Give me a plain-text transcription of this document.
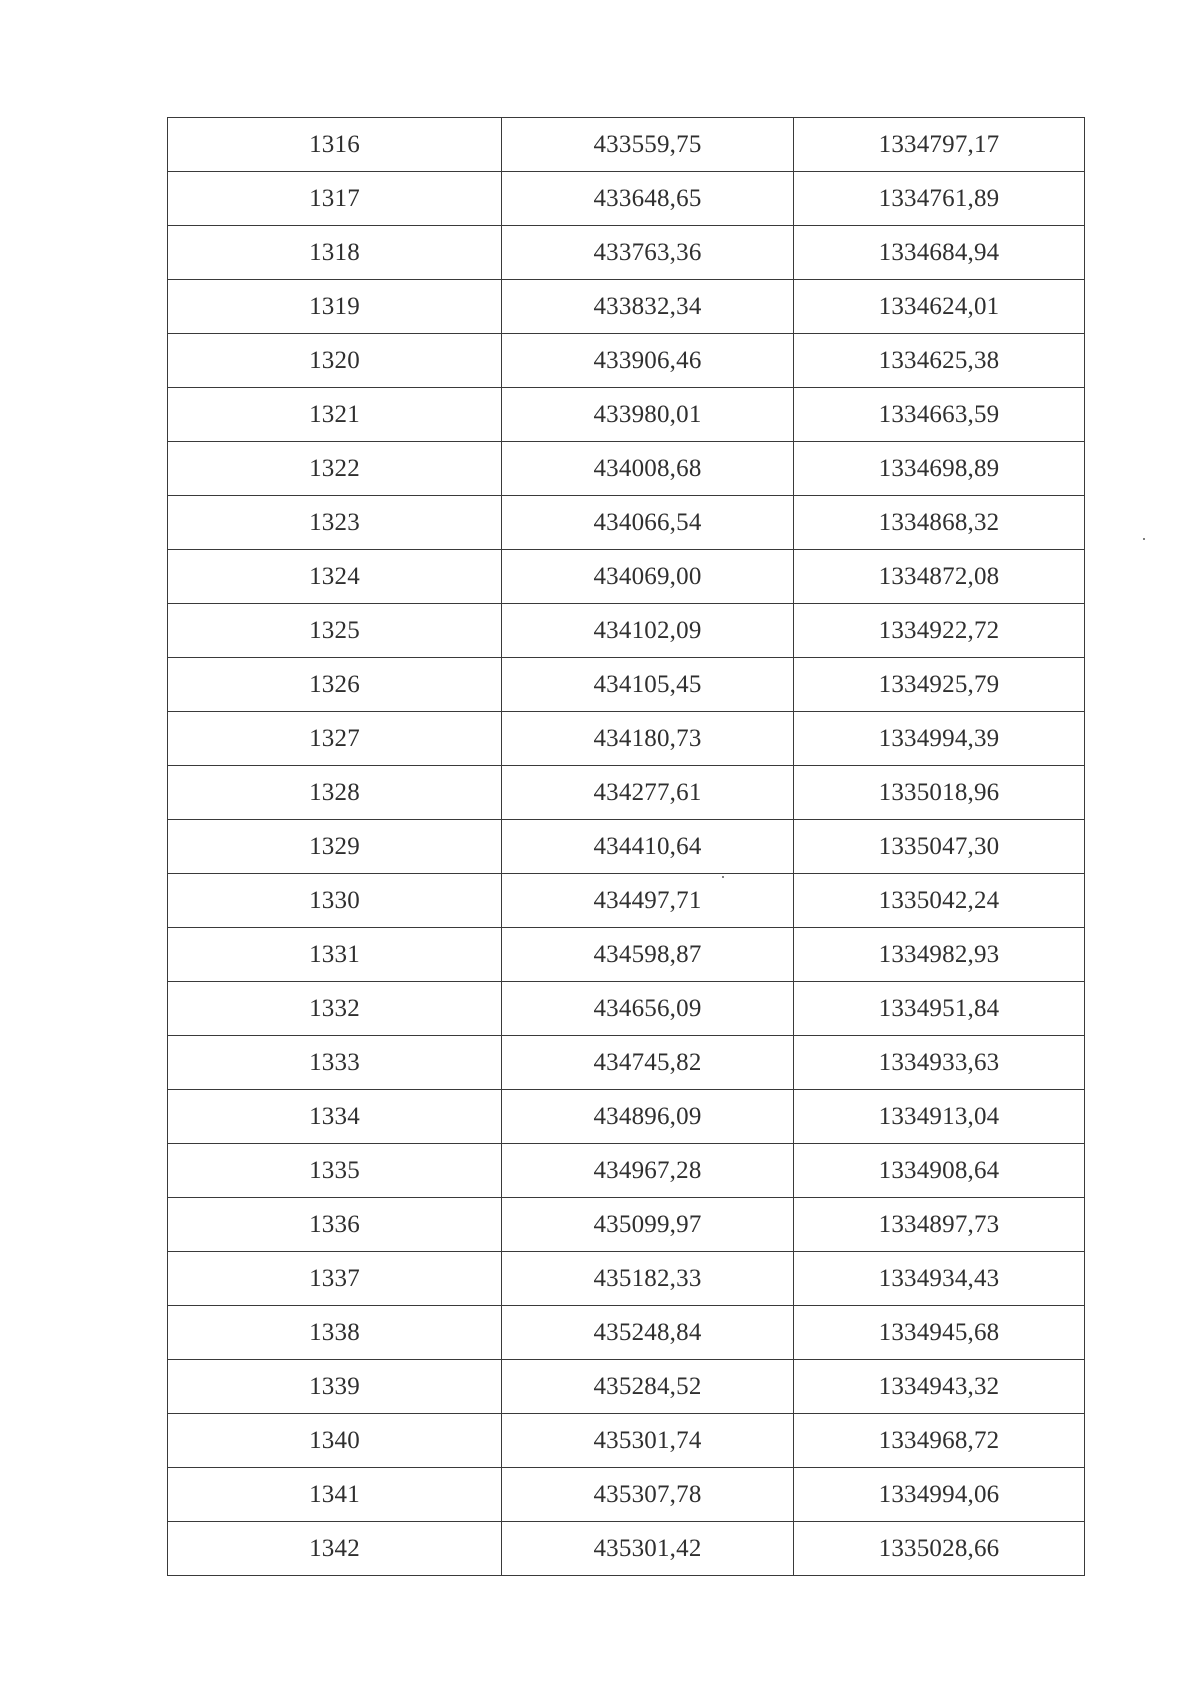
1316	433559,75	1334797,17
1317	433648,65	1334761,89
1318	433763,36	1334684,94
1319	433832,34	1334624,01
1320	433906,46	1334625,38
1321	433980,01	1334663,59
1322	434008,68	1334698,89
1323	434066,54	1334868,32
1324	434069,00	1334872,08
1325	434102,09	1334922,72
1326	434105,45	1334925,79
1327	434180,73	1334994,39
1328	434277,61	1335018,96
1329	434410,64	1335047,30
1330	434497,71	1335042,24
1331	434598,87	1334982,93
1332	434656,09	1334951,84
1333	434745,82	1334933,63
1334	434896,09	1334913,04
1335	434967,28	1334908,64
1336	435099,97	1334897,73
1337	435182,33	1334934,43
1338	435248,84	1334945,68
1339	435284,52	1334943,32
1340	435301,74	1334968,72
1341	435307,78	1334994,06
1342	435301,42	1335028,66
